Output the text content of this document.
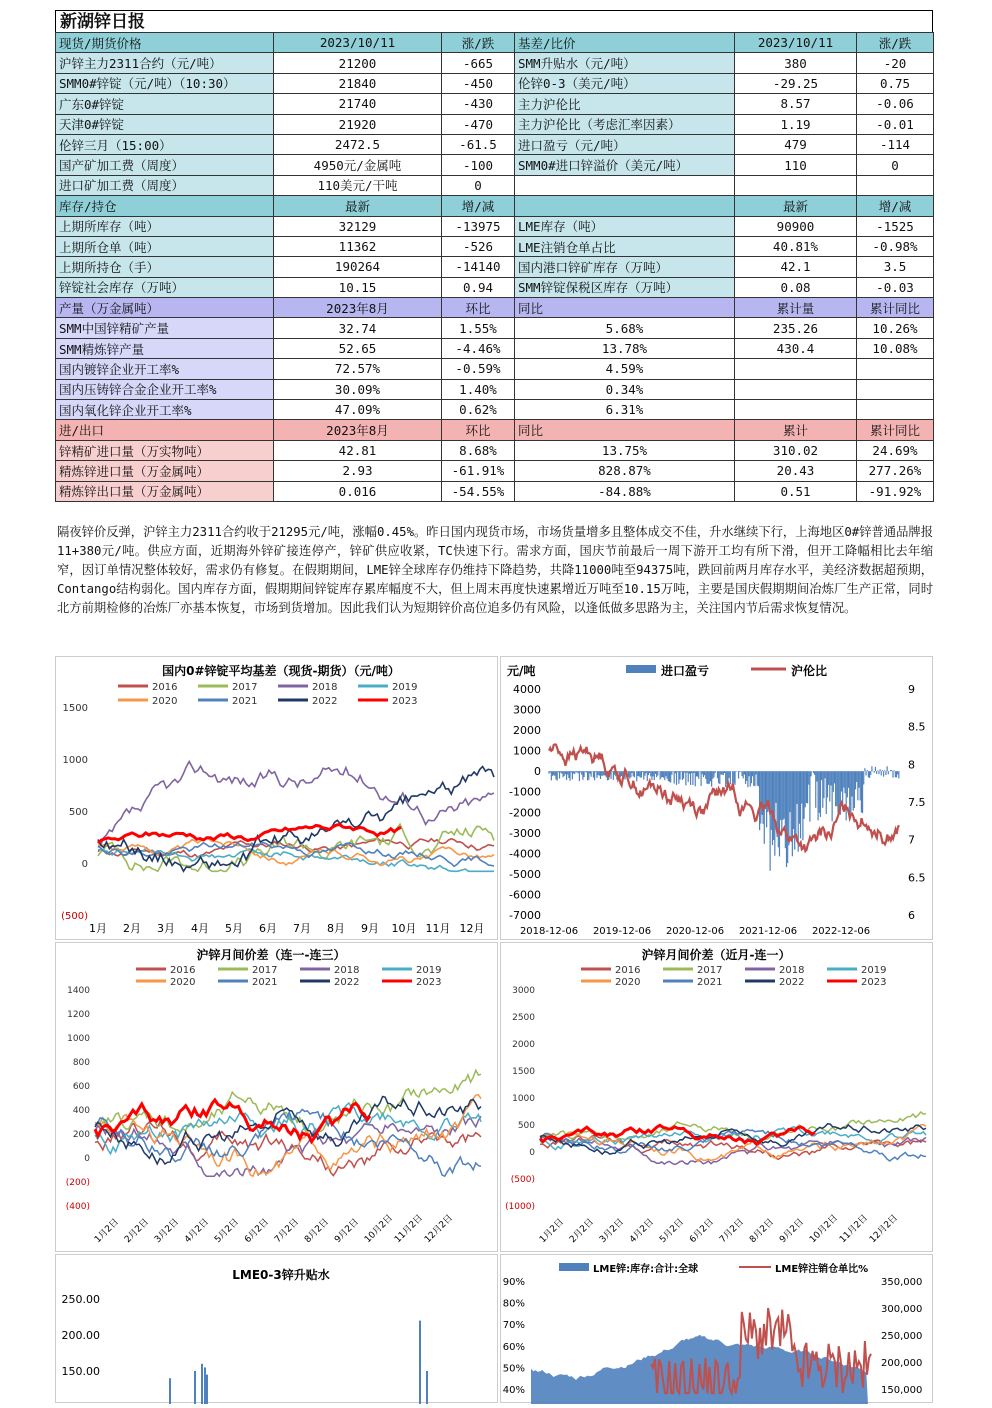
新湖锌日报
现货/期货价格	2023/10/11	涨/跌	基差/比价	2023/10/11	涨/跌
沪锌主力2311合约（元/吨）	21200	-665	SMM升贴水（元/吨）	380	-20
SMM0#锌锭（元/吨）（10:30）	21840	-450	伦锌0-3（美元/吨）	-29.25	0.75
广东0#锌锭	21740	-430	主力沪伦比	8.57	-0.06
天津0#锌锭	21920	-470	主力沪伦比（考虑汇率因素）	1.19	-0.01
伦锌三月（15:00）	2472.5	-61.5	进口盈亏（元/吨）	479	-114
国产矿加工费（周度）	4950元/金属吨	-100	SMM0#进口锌溢价（美元/吨）	110	0
进口矿加工费（周度）	110美元/干吨	0			
库存/持仓	最新	增/减		最新	增/减
上期所库存（吨）	32129	-13975	LME库存（吨）	90900	-1525
上期所仓单（吨）	11362	-526	LME注销仓单占比	40.81%	-0.98%
上期所持仓（手）	190264	-14140	国内港口锌矿库存（万吨）	42.1	3.5
锌锭社会库存（万吨）	10.15	0.94	SMM锌锭保税区库存（万吨）	0.08	-0.03
产量（万金属吨）	2023年8月	环比	同比	累计量	累计同比
SMM中国锌精矿产量	32.74	1.55%	5.68%	235.26	10.26%
SMM精炼锌产量	52.65	-4.46%	13.78%	430.4	10.08%
国内镀锌企业开工率%	72.57%	-0.59%	4.59%		
国内压铸锌合金企业开工率%	30.09%	1.40%	0.34%		
国内氧化锌企业开工率%	47.09%	0.62%	6.31%		
进/出口	2023年8月	环比	同比	累计	累计同比
锌精矿进口量（万实物吨）	42.81	8.68%	13.75%	310.02	24.69%
精炼锌进口量（万金属吨）	2.93	-61.91%	828.87%	20.43	277.26%
精炼锌出口量（万金属吨）	0.016	-54.55%	-84.88%	0.51	-91.92%
隔夜锌价反弹，沪锌主力2311合约收于21295元/吨，涨幅0.45%。昨日国内现货市场，市场货量增多且整体成交不佳，升水继续下行，上海地区0#锌普通品牌报11+380元/吨。供应方面，近期海外锌矿接连停产，锌矿供应收紧，TC快速下行。需求方面，国庆节前最后一周下游开工均有所下滑，但开工降幅相比去年缩窄，因订单情况整体较好，需求仍有修复。在假期期间，LME锌全球库存仍维持下降趋势，共降11000吨至94375吨，跌回前两月库存水平，美经济数据超预期，Contango结构弱化。国内库存方面，假期期间锌锭库存累库幅度不大，但上周末再度快速累增近万吨至10.15万吨，主要是国庆假期期间冶炼厂生产正常，同时北方前期检修的冶炼厂亦基本恢复，市场到货增加。因此我们认为短期锌价高位追多仍有风险，以逢低做多思路为主，关注国内节后需求恢复情况。
国内0#锌锭平均基差（现货-期货）（元/吨）
2016	2017	2018	2019
2020	2021	2022	2023
1500
1000
500
0
(500)
1月 2月 3月 4月 5月 6月 7月 8月 9月 10月 11月 12月
元/吨	进口盈亏	沪伦比
4000
3000
2000
1000
0
-1000
-2000
-3000
-4000
-5000
-6000
-7000
9
8.5
8
7.5
7
6.5
6
2018-12-06 2019-12-06 2020-12-06 2021-12-06 2022-12-06
沪锌月间价差（连一-连三）
2016	2017	2018	2019
2020	2021	2022	2023
1400
1200
1000
800
600
400
200
0
(200)
(400)
1月2日 2月2日 3月2日 4月2日 5月2日 6月2日 7月2日 8月2日 9月2日 10月2日
11月2日
12月2日
沪锌月间价差（近月-连一）
2016	2017	2018	2019
2020	2021	2022	2023
3000
2500
2000
1500
1000
500
0
(500)
(1000)
1月2日 2月2日 3月2日 4月2日 5月2日 6月2日 7月2日 8月2日 9月2日 10月2日
11月2日
12月2日
LME0-3锌升贴水
250.00
200.00
150.00
LME锌:库存:合计:全球	LME锌注销仓单比%
90%
80%
70%
60%
50%
40%
350,000
300,000
250,000
200,000
150,000
